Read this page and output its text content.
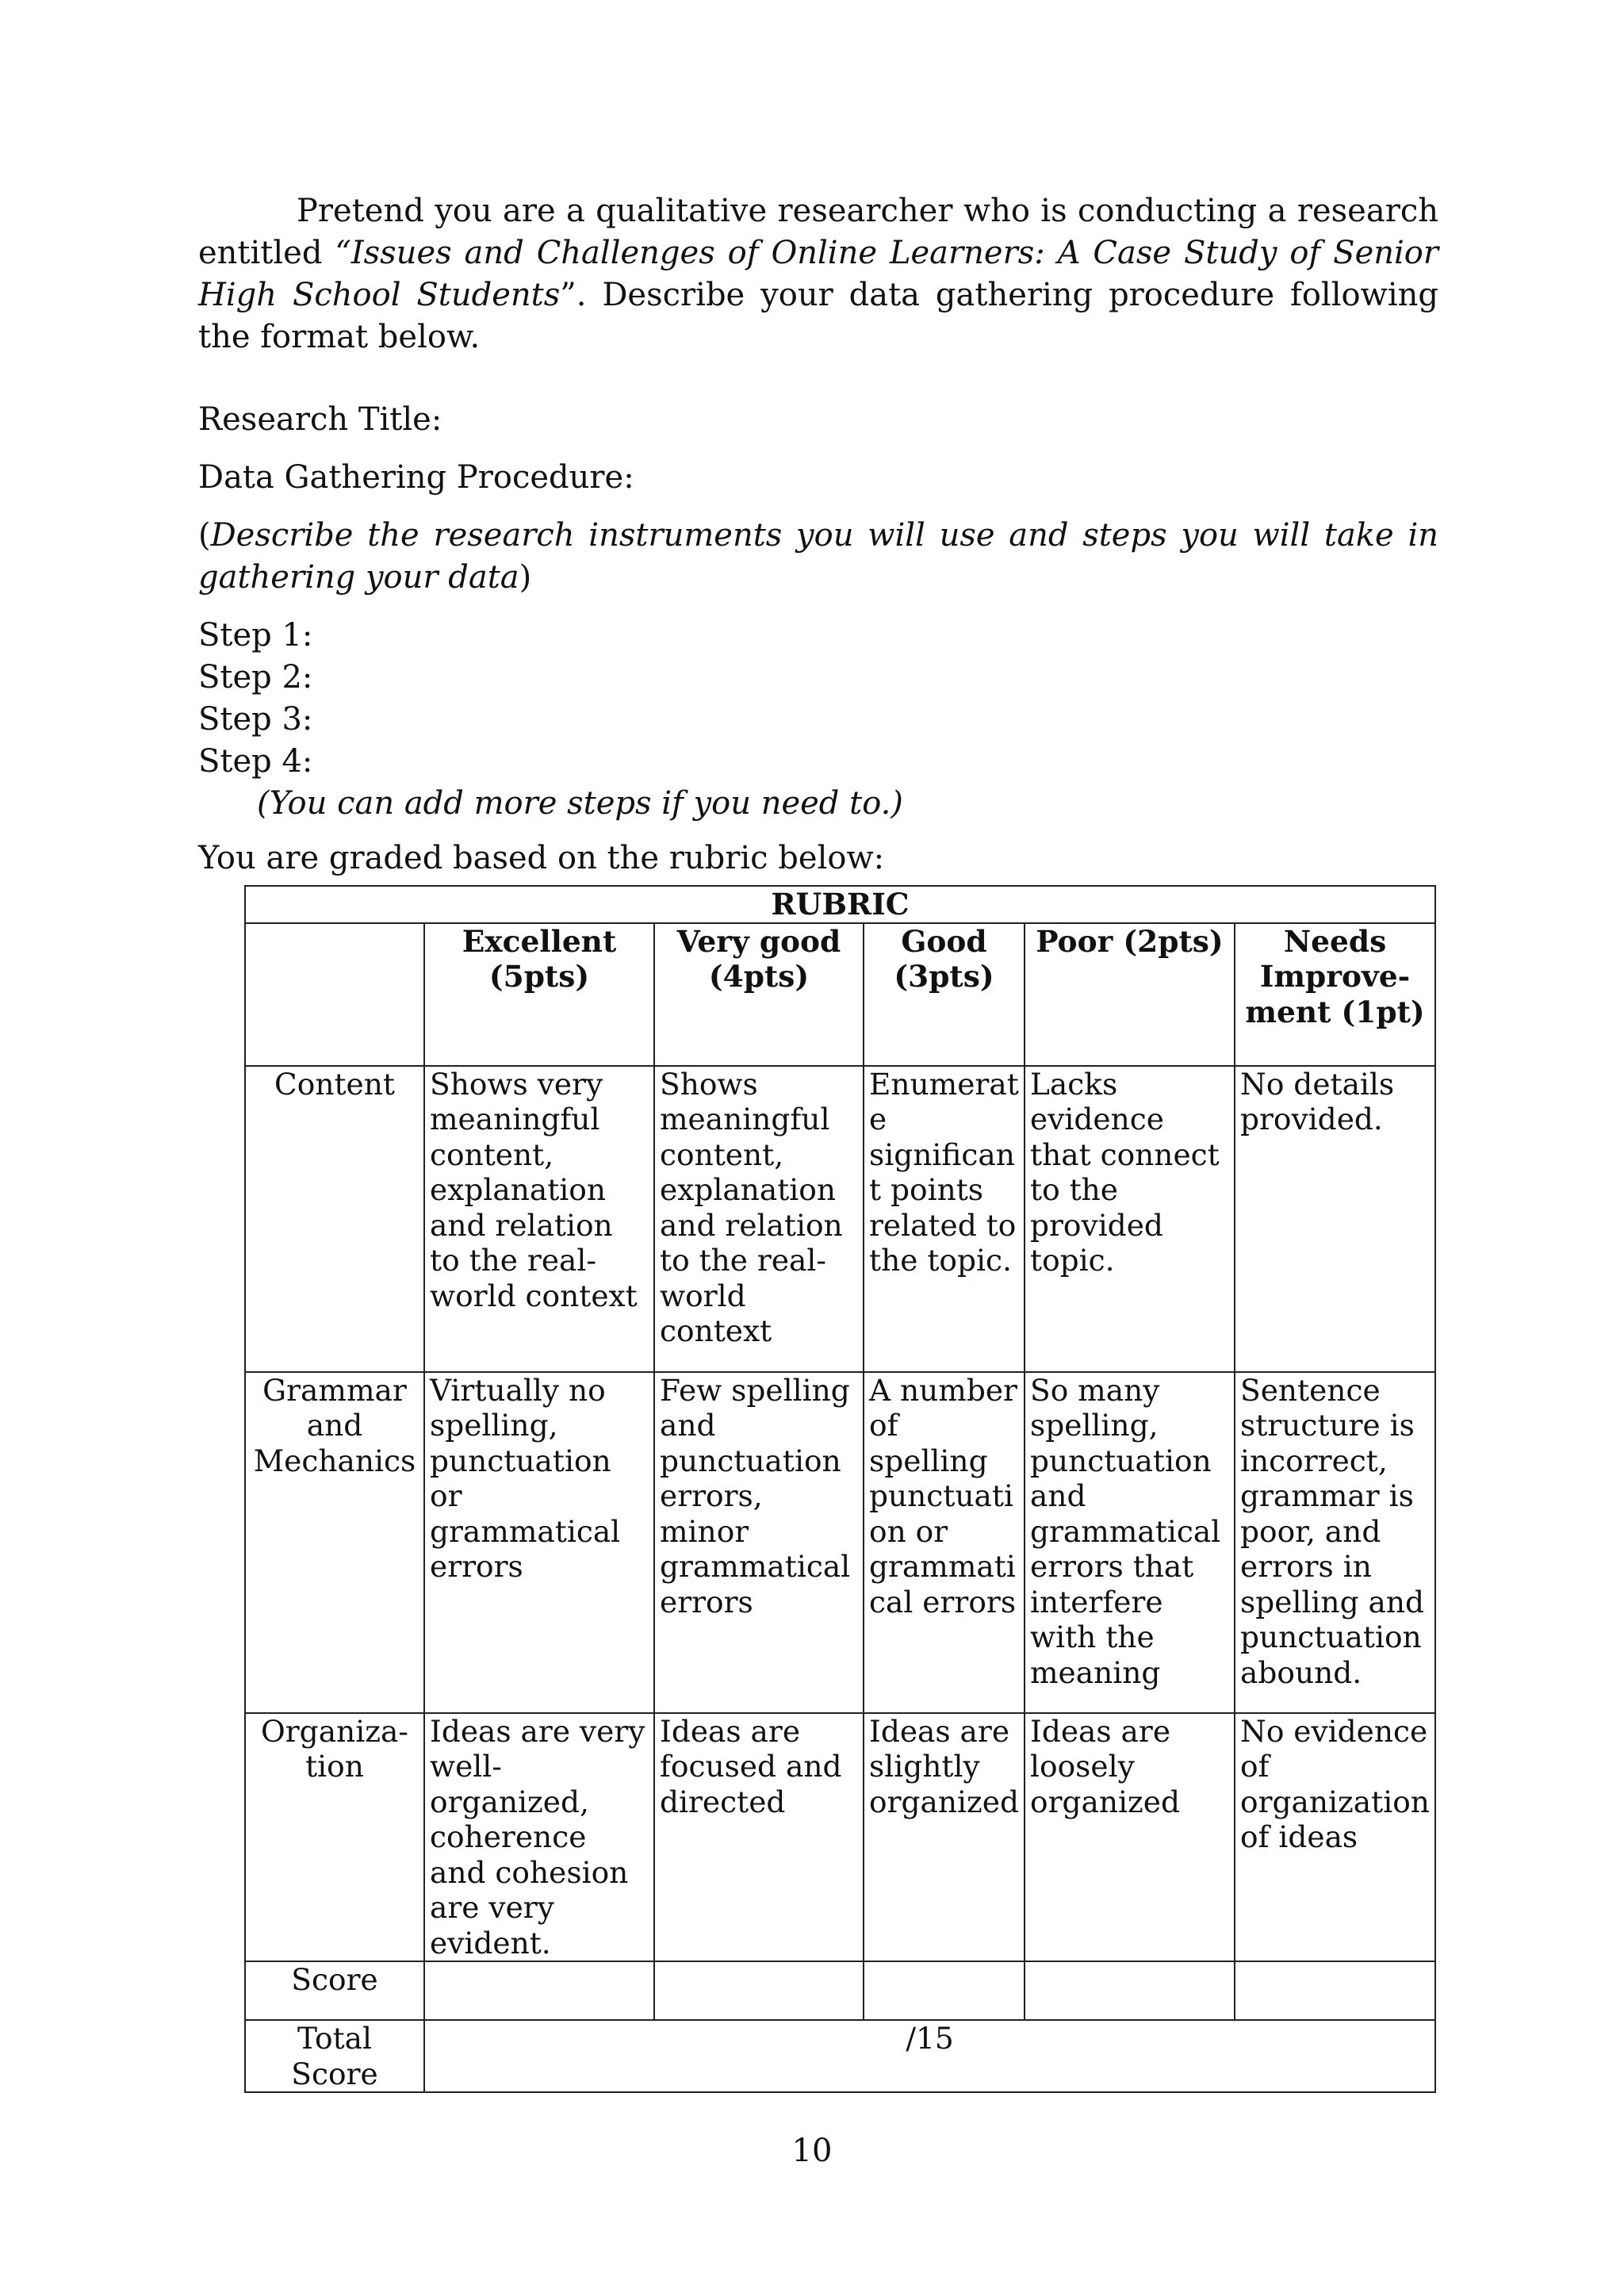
Pretend you are a qualitative researcher who is conducting a research entitled “Issues and Challenges of Online Learners: A Case Study of Senior High School Students”. Describe your data gathering procedure following the format below.

Research Title:

Data Gathering Procedure:

(Describe the research instruments you will use and steps you will take in gathering your data)

Step 1:
Step 2:
Step 3:
Step 4:

(You can add more steps if you need to.)

You are graded based on the rubric below:

RUBRIC					
	Excellent (5pts)	Very good (4pts)	Good (3pts)	Poor (2pts)	Needs Improve-ment (1pt)
Content	Shows very meaningful content, explanation and relation to the real-world context	Shows meaningful content, explanation and relation to the real-world context	Enumerate significant points related to the topic.	Lacks evidence that connect to the provided topic.	No details provided.
Grammar and Mechanics	Virtually no spelling, punctuation or grammatical errors	Few spelling and punctuation errors, minor grammatical errors	A number of spelling punctuation or grammatical errors	So many spelling, punctuation and grammatical errors that interfere with the meaning	Sentence structure is incorrect, grammar is poor, and errors in spelling and punctuation abound.
Organiza-tion	Ideas are very well-organized, coherence and cohesion are very evident.	Ideas are focused and directed	Ideas are slightly organized	Ideas are loosely organized	No evidence of organization of ideas
Score					
Total Score	/15				
10
